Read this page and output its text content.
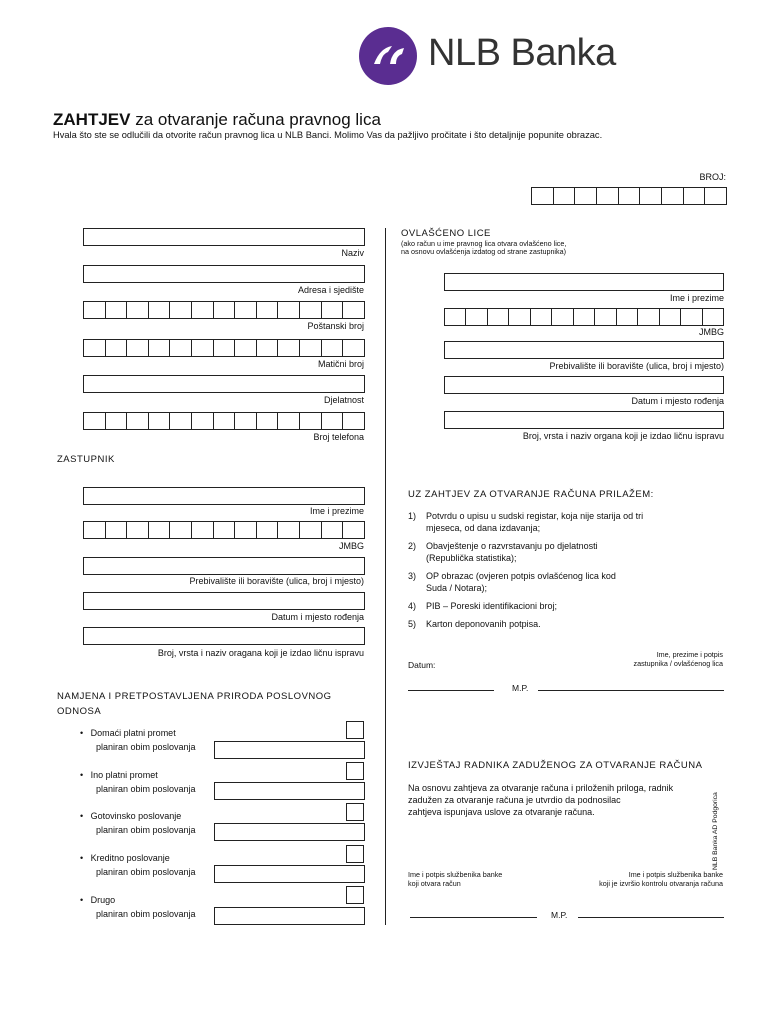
NLB Banka
ZAHTJEV za otvaranje računa pravnog lica
Hvala što ste se odlučili da otvorite račun pravnog lica u NLB Banci. Molimo Vas da pažljivo pročitate i što detaljnije popunite obrazac.
BROJ:
Naziv
Adresa i sjedište
Poštanski broj
Matični broj
Djelatnost
Broj telefona
OVLAŠĆENO LICE
(ako račun u ime pravnog lica otvara ovlašćeno lice,
na osnovu ovlašćenja izdatog od strane zastupnika)
Ime i prezime
JMBG
Prebivalište ili boravište (ulica, broj i mjesto)
Datum i mjesto rođenja
Broj, vrsta i naziv organa koji je izdao ličnu ispravu
ZASTUPNIK
Ime i prezime
JMBG
Prebivalište ili boravište (ulica, broj i mjesto)
Datum i mjesto rođenja
Broj, vrsta i naziv oragana koji je izdao ličnu ispravu
UZ ZAHTJEV ZA OTVARANJE RAČUNA PRILAŽEM:
1)	Potvrdu o upisu u sudski registar, koja nije starija od tri
mjeseca, od dana izdavanja;
2)	Obavještenje o razvrstavanju po djelatnosti
(Republička statistika);
3)	OP obrazac (ovjeren potpis ovlašćenog lica kod
Suda / Notara);
4)	PIB – Poreski identifikacioni broj;
5)	Karton deponovanih potpisa.
Ime, prezime i potpis
zastupnika / ovlašćenog lica
Datum:
M.P.
NAMJENA I PRETPOSTAVLJENA PRIRODA POSLOVNOG
ODNOSA
•   Domaći platni promet
planiran obim poslovanja
•   Ino platni promet
planiran obim poslovanja
•   Gotovinsko poslovanje
planiran obim poslovanja
•   Kreditno poslovanje
planiran obim poslovanja
•   Drugo
planiran obim poslovanja
IZVJEŠTAJ RADNIKA ZADUŽENOG ZA OTVARANJE RAČUNA
Na osnovu zahtjeva za otvaranje računa i priloženih priloga, radnik
zadužen za otvaranje računa je utvrdio da podnosilac
zahtjeva ispunjava uslove za otvaranje računa.
Ime i potpis službenika banke
koji otvara račun
Ime i potpis službenika banke
koji je izvršio kontrolu otvaranja računa
M.P.
NLB Banka AD Podgorica
